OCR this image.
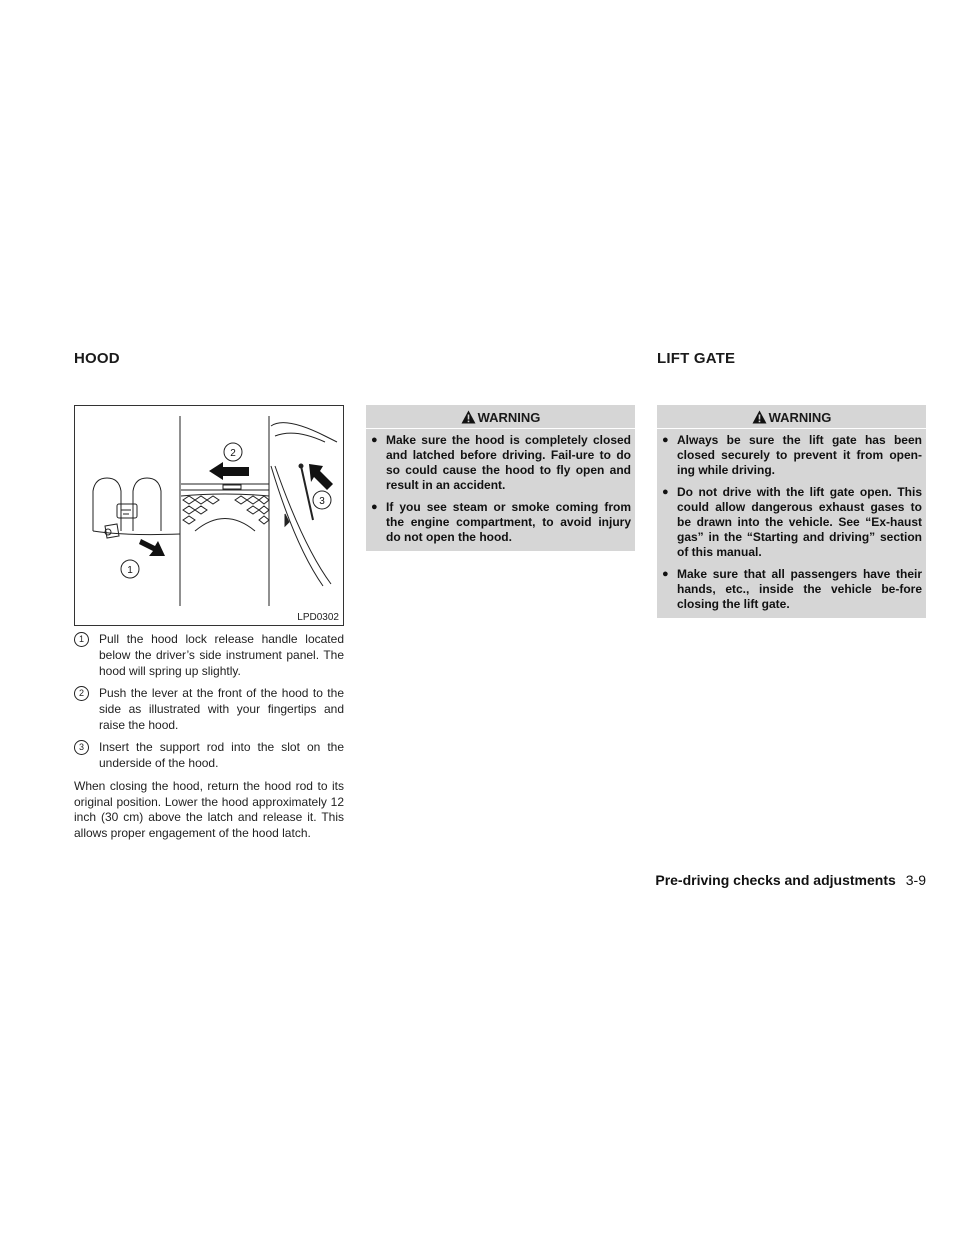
HOOD
1
2
3
LPD0302
1	Pull the hood lock release handle located below the driver’s side instrument panel. The hood will spring up slightly.
2	Push the lever at the front of the hood to the side as illustrated with your fingertips and raise the hood.
3	Insert the support rod into the slot on the underside of the hood.

When closing the hood, return the hood rod to its original position. Lower the hood approximately 12 inch (30 cm) above the latch and release it. This allows proper engagement of the hood latch.

WARNING
● Make sure the hood is completely closed and latched before driving. Fail-ure to do so could cause the hood to fly open and result in an accident.
● If you see steam or smoke coming from the engine compartment, to avoid injury do not open the hood.
LIFT GATE
WARNING
● Always be sure the lift gate has been closed securely to prevent it from open-ing while driving.
● Do not drive with the lift gate open. This could allow dangerous exhaust gases to be drawn into the vehicle. See “Ex-haust gas” in the “Starting and driving” section of this manual.
● Make sure that all passengers have their hands, etc., inside the vehicle be-fore closing the lift gate.
Pre-driving checks and adjustments 3-9
